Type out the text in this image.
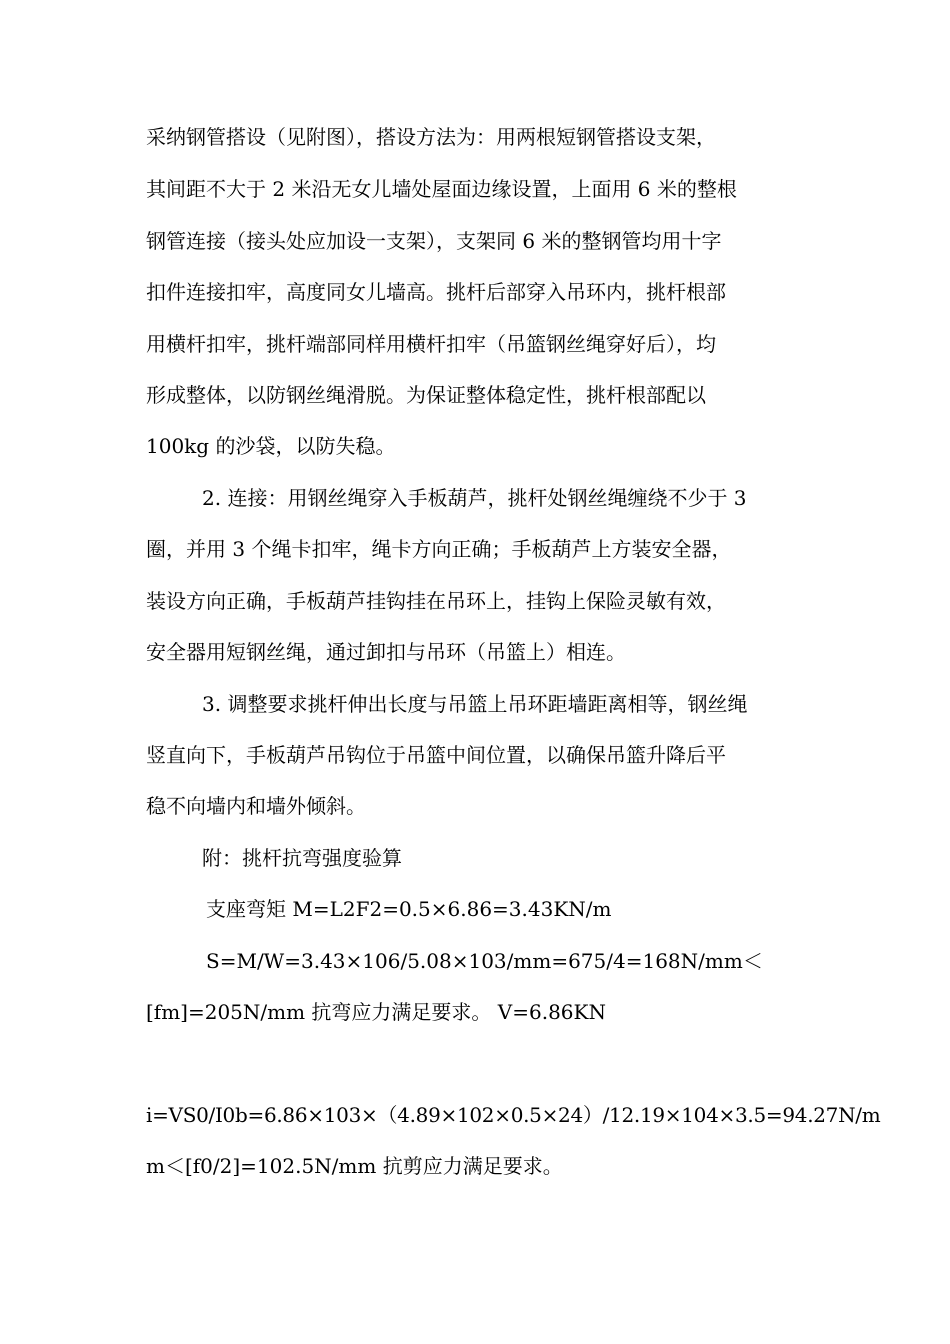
采纳钢管搭设（见附图），搭设方法为：用两根短钢管搭设支架，
其间距不大于 2 米沿无女儿墙处屋面边缘设置，上面用 6 米的整根
钢管连接（接头处应加设一支架），支架同 6 米的整钢管均用十字
扣件连接扣牢，高度同女儿墙高。挑杆后部穿入吊环内，挑杆根部
用横杆扣牢，挑杆端部同样用横杆扣牢（吊篮钢丝绳穿好后），均
形成整体，以防钢丝绳滑脱。为保证整体稳定性，挑杆根部配以
100kg 的沙袋，以防失稳。
2. 连接：用钢丝绳穿入手板葫芦，挑杆处钢丝绳缠绕不少于 3
圈，并用 3 个绳卡扣牢，绳卡方向正确；手板葫芦上方装安全器，
装设方向正确，手板葫芦挂钩挂在吊环上，挂钩上保险灵敏有效，
安全器用短钢丝绳，通过卸扣与吊环（吊篮上）相连。
3. 调整要求挑杆伸出长度与吊篮上吊环距墙距离相等，钢丝绳
竖直向下，手板葫芦吊钩位于吊篮中间位置，以确保吊篮升降后平
稳不向墙内和墙外倾斜。
附：挑杆抗弯强度验算
支座弯矩 M=L2F2=0.5×6.86=3.43KN/m
S=M/W=3.43×106/5.08×103/mm=675/4=168N/mm＜
[fm]=205N/mm 抗弯应力满足要求。 V=6.86KN
i=VS0/I0b=6.86×103×（4.89×102×0.5×24）/12.19×104×3.5=94.27N/m
m＜[f0/2]=102.5N/mm 抗剪应力满足要求。
